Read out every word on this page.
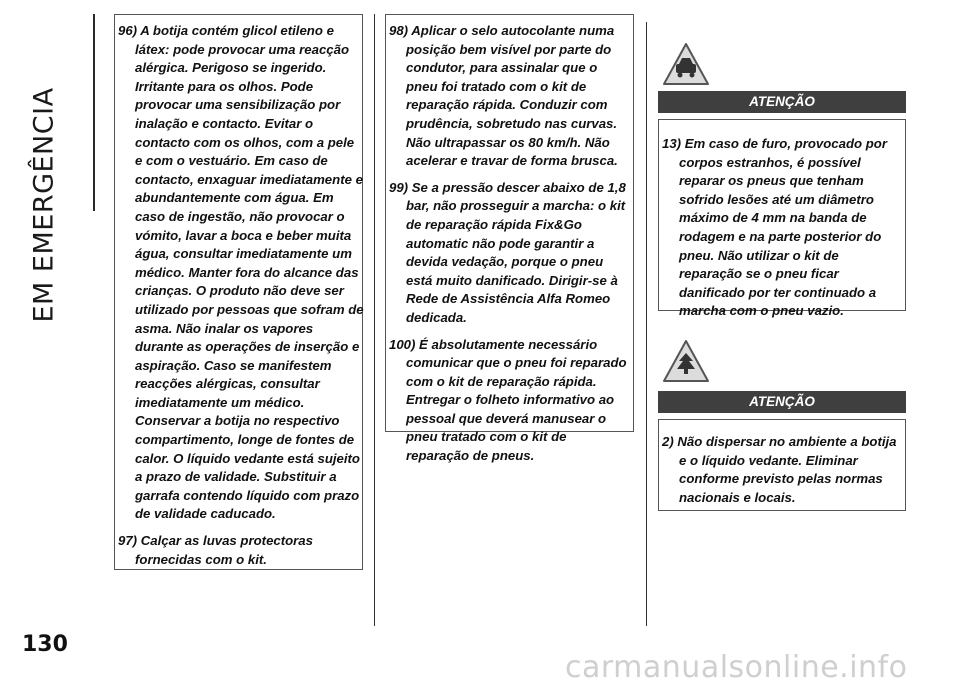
EM EMERGÊNCIA

96) A botija contém glicol etileno e látex: pode provocar uma reacção alérgica. Perigoso se ingerido. Irritante para os olhos. Pode provocar uma sensibilização por inalação e contacto. Evitar o contacto com os olhos, com a pele e com o vestuário. Em caso de contacto, enxaguar imediatamente e abundantemente com água. Em caso de ingestão, não provocar o vómito, lavar a boca e beber muita água, consultar imediatamente um médico. Manter fora do alcance das crianças. O produto não deve ser utilizado por pessoas que sofram de asma. Não inalar os vapores durante as operações de inserção e aspiração. Caso se manifestem reacções alérgicas, consultar imediatamente um médico. Conservar a botija no respectivo compartimento, longe de fontes de calor. O líquido vedante está sujeito a prazo de validade. Substituir a garrafa contendo líquido com prazo de validade caducado.

97) Calçar as luvas protectoras fornecidas com o kit.

98) Aplicar o selo autocolante numa posição bem visível por parte do condutor, para assinalar que o pneu foi tratado com o kit de reparação rápida. Conduzir com prudência, sobretudo nas curvas. Não ultrapassar os 80 km/h. Não acelerar e travar de forma brusca.

99) Se a pressão descer abaixo de 1,8 bar, não prosseguir a marcha: o kit de reparação rápida Fix&Go automatic não pode garantir a devida vedação, porque o pneu está muito danificado. Dirigir-se à Rede de Assistência Alfa Romeo dedicada.

100) É absolutamente necessário comunicar que o pneu foi reparado com o kit de reparação rápida. Entregar o folheto informativo ao pessoal que deverá manusear o pneu tratado com o kit de reparação de pneus.

ATENÇÃO

13) Em caso de furo, provocado por corpos estranhos, é possível reparar os pneus que tenham sofrido lesões até um diâmetro máximo de 4 mm na banda de rodagem e na parte posterior do pneu. Não utilizar o kit de reparação se o pneu ficar danificado por ter continuado a marcha com o pneu vazio.

ATENÇÃO

2) Não dispersar no ambiente a botija e o líquido vedante. Eliminar conforme previsto pelas normas nacionais e locais.

130
carmanualsonline.info
